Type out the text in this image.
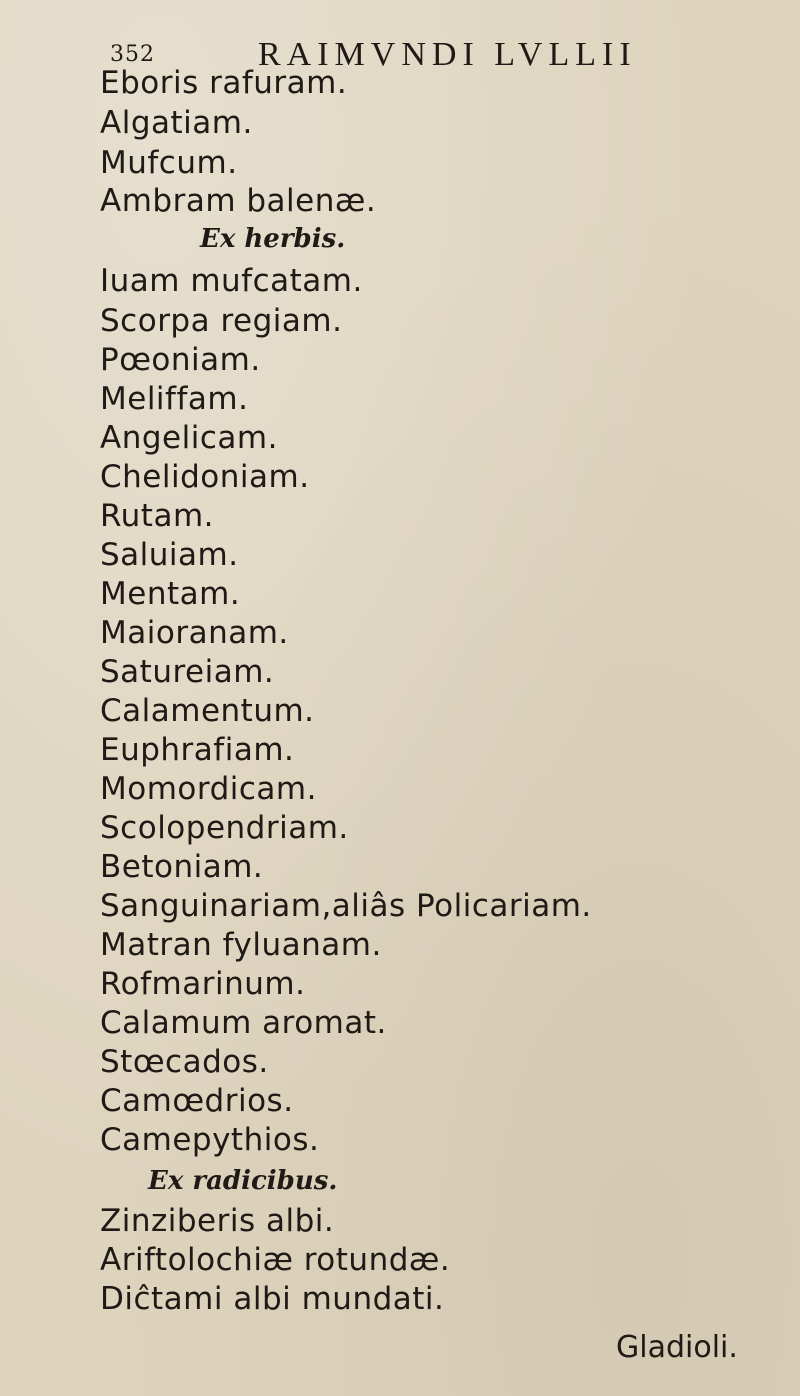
352	RAIMVNDI LVLLII
Eboris rafuram.
Algatiam.
Mufcum.
Ambram balenæ.
Ex herbis.
Iuam mufcatam.
Scorpa regiam.
Pœoniam.
Meliffam.
Angelicam.
Chelidoniam.
Rutam.
Saluiam.
Mentam.
Maioranam.
Satureiam.
Calamentum.
Euphrafiam.
Momordicam.
Scolopendriam.
Betoniam.
Sanguinariam,aliâs Policariam.
Matran fyluanam.
Rofmarinum.
Calamum aromat.
Stœcados.
Camœdrios.
Camepythios.
Ex radicibus.
Zinziberis albi.
Ariftolochiæ rotundæ.
Diĉtami albi mundati.
Gladioli.
